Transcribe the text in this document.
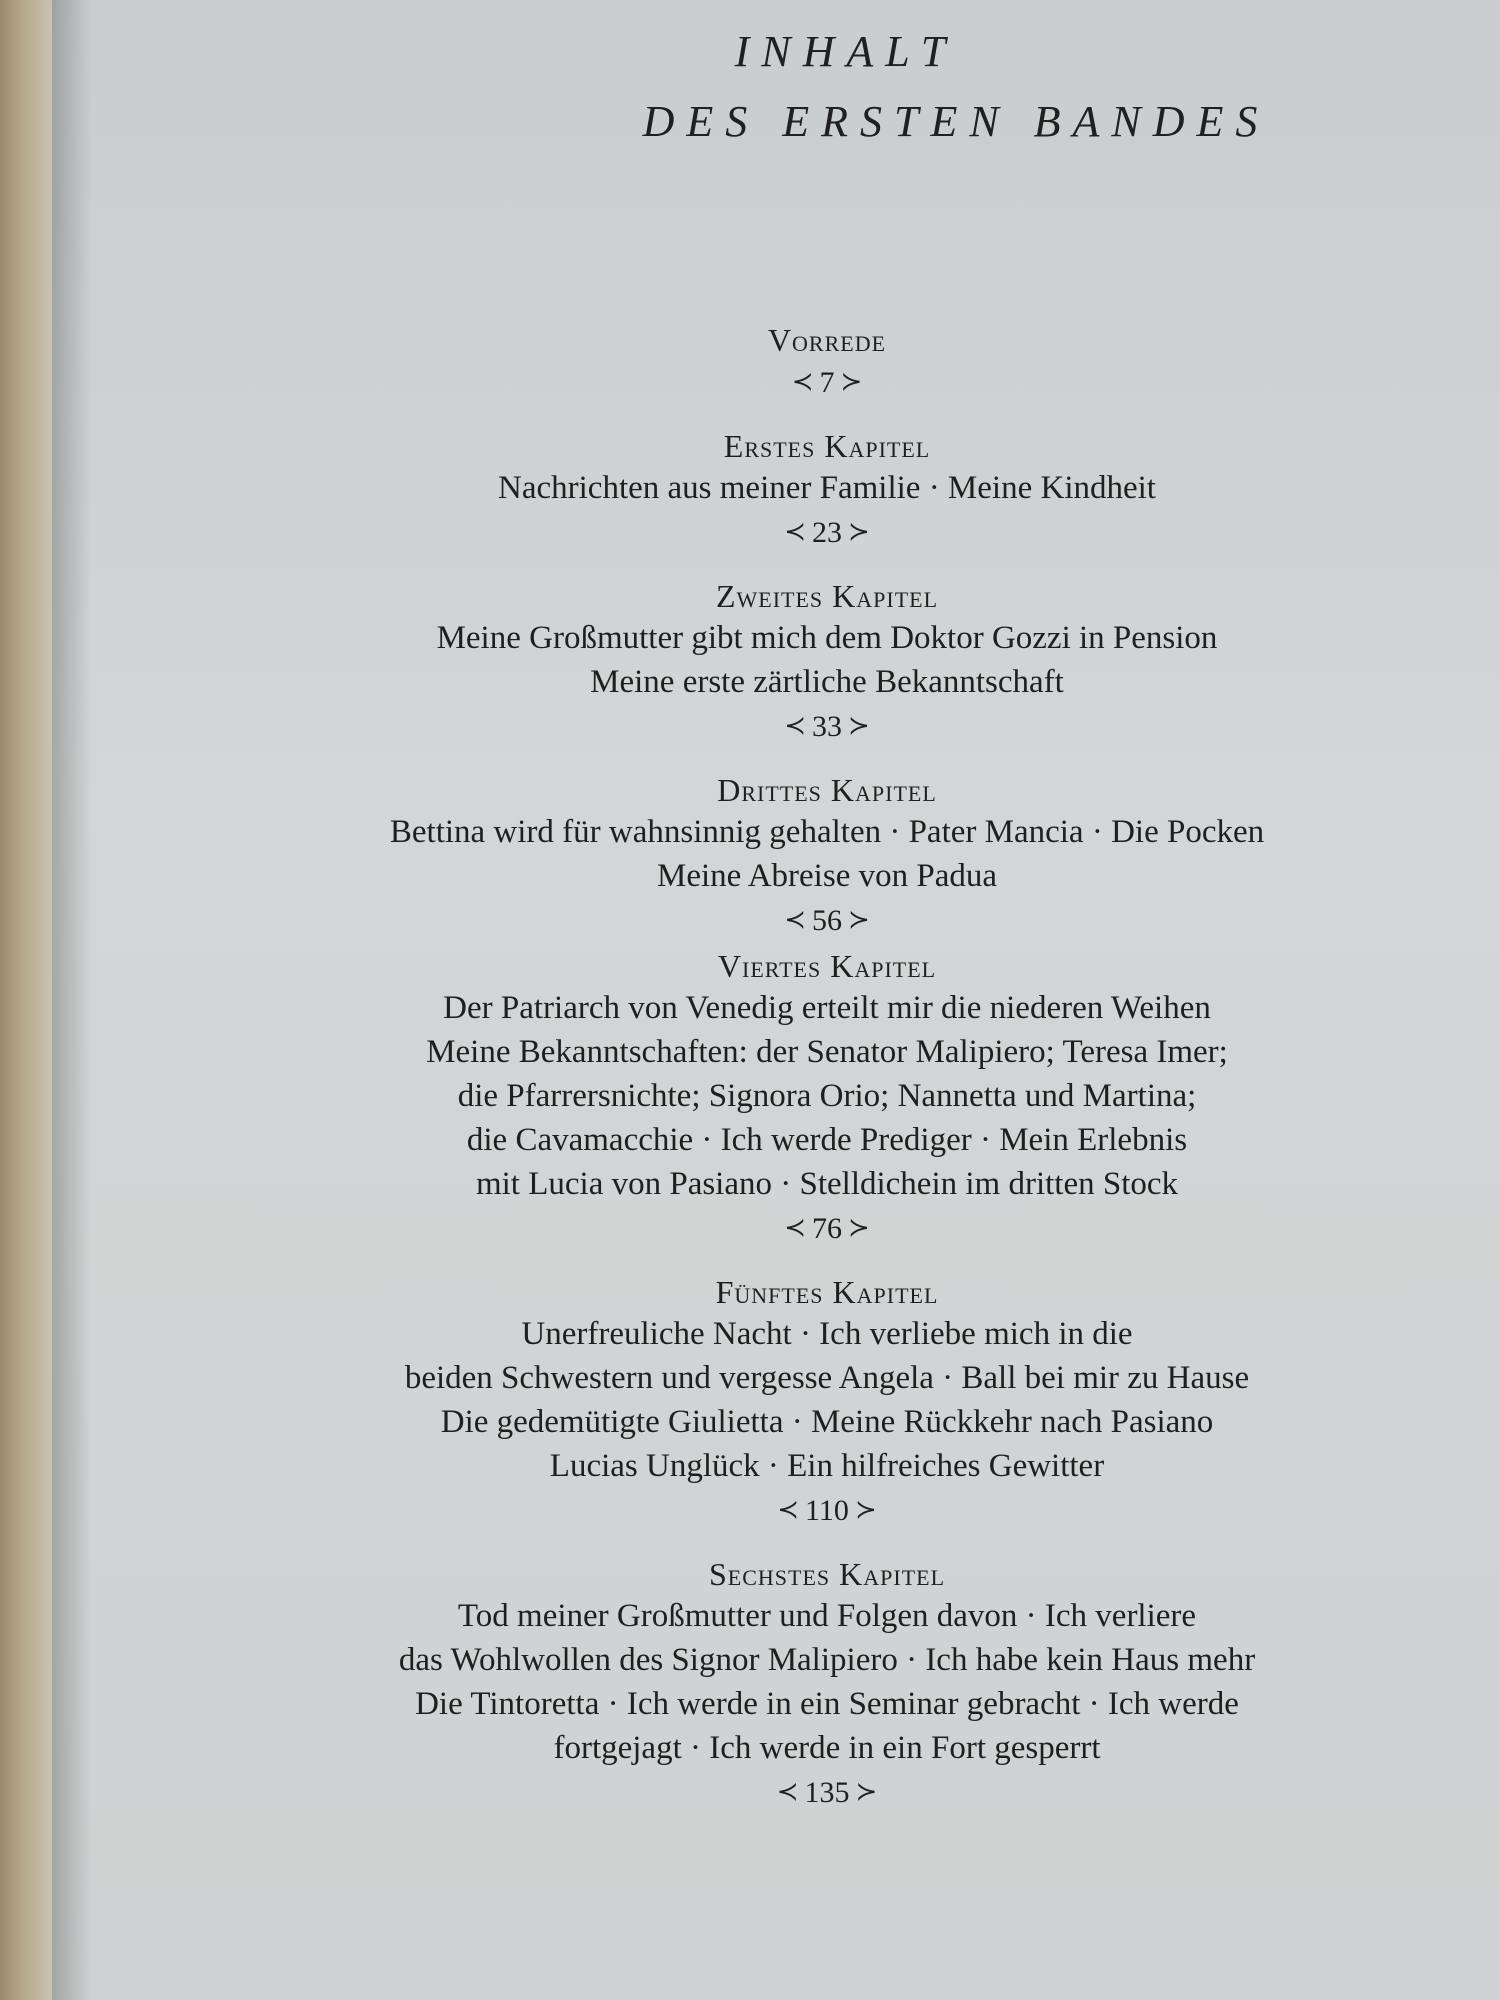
INHALT
DES ERSTEN BANDES
Vorrede
≺ 7 ≻
Erstes Kapitel
Nachrichten aus meiner Familie · Meine Kindheit
≺ 23 ≻
Zweites Kapitel
Meine Großmutter gibt mich dem Doktor Gozzi in Pension
Meine erste zärtliche Bekanntschaft
≺ 33 ≻
Drittes Kapitel
Bettina wird für wahnsinnig gehalten · Pater Mancia · Die Pocken
Meine Abreise von Padua
≺ 56 ≻
Viertes Kapitel
Der Patriarch von Venedig erteilt mir die niederen Weihen
Meine Bekanntschaften: der Senator Malipiero; Teresa Imer;
die Pfarrersnichte; Signora Orio; Nannetta und Martina;
die Cavamacchie · Ich werde Prediger · Mein Erlebnis
mit Lucia von Pasiano · Stelldichein im dritten Stock
≺ 76 ≻
Fünftes Kapitel
Unerfreuliche Nacht · Ich verliebe mich in die
beiden Schwestern und vergesse Angela · Ball bei mir zu Hause
Die gedemütigte Giulietta · Meine Rückkehr nach Pasiano
Lucias Unglück · Ein hilfreiches Gewitter
≺ 110 ≻
Sechstes Kapitel
Tod meiner Großmutter und Folgen davon · Ich verliere
das Wohlwollen des Signor Malipiero · Ich habe kein Haus mehr
Die Tintoretta · Ich werde in ein Seminar gebracht · Ich werde
fortgejagt · Ich werde in ein Fort gesperrt
≺ 135 ≻
